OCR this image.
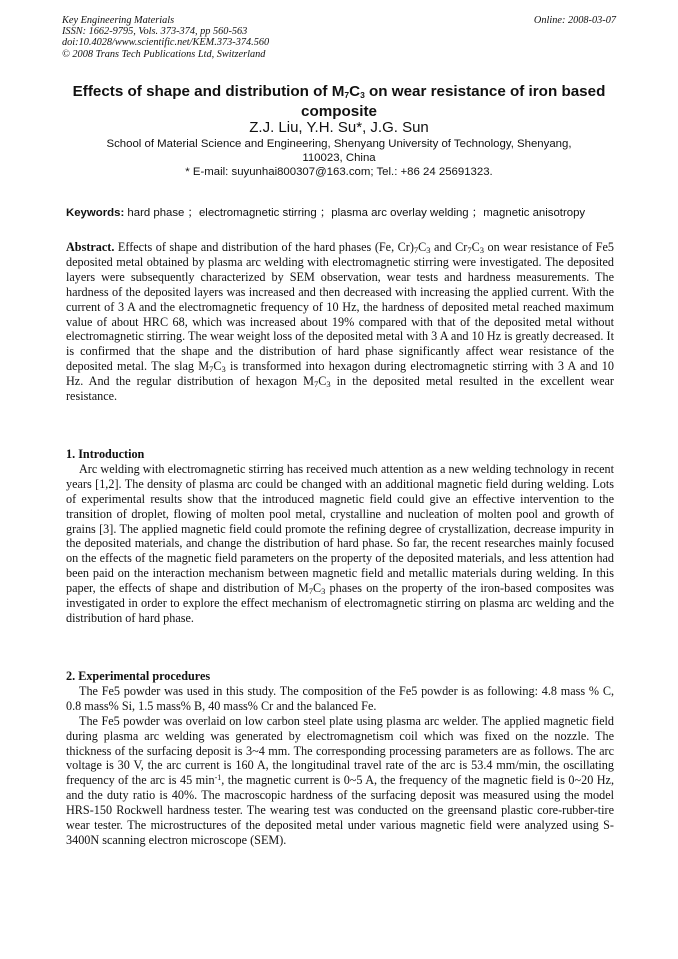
Key Engineering Materials
ISSN: 1662-9795, Vols. 373-374, pp 560-563
doi:10.4028/www.scientific.net/KEM.373-374.560
© 2008 Trans Tech Publications Ltd, Switzerland
Online: 2008-03-07
Effects of shape and distribution of $M_7C_3$ on wear resistance of iron based composite
Z.J. Liu, Y.H. Su*, J.G. Sun
School of Material Science and Engineering, Shenyang University of Technology, Shenyang,
110023, China
* E-mail: suyunhai800307@163.com; Tel.: +86 24 25691323.
Keywords: hard phase ；electromagnetic stirring ；plasma arc overlay welding ；magnetic anisotropy

Abstract. Effects of shape and distribution of the hard phases (Fe, $Cr)_7C_3$ and $Cr_7C_3$ on wear resistance of Fe5 deposited metal obtained by plasma arc welding with electromagnetic stirring were investigated. The deposited layers were subsequently characterized by SEM observation, wear tests and hardness measurements. The hardness of the deposited layers was increased and then decreased with increasing the applied current. With the current of 3 A and the electromagnetic frequency of 10 Hz, the hardness of deposited metal reached maximum value of about HRC 68, which was increased about 19% compared with that of the deposited metal without electromagnetic stirring. The wear weight loss of the deposited metal with 3 A and 10 Hz is greatly decreased. It is confirmed that the shape and the distribution of hard phase significantly affect wear resistance of the deposited metal. The slag $M_7C_3$ is transformed into hexagon during electromagnetic stirring with 3 A and 10 Hz. And the regular distribution of hexagon $M_7C_3$ in the deposited metal resulted in the excellent wear resistance.

1. Introduction

Arc welding with electromagnetic stirring has received much attention as a new welding technology in recent years [1,2]. The density of plasma arc could be changed with an additional magnetic field during welding. Lots of experimental results show that the introduced magnetic field could give an effective intervention to the transition of droplet, flowing of molten pool metal, crystalline and nucleation of molten pool and growth of grains [3]. The applied magnetic field could promote the refining degree of crystallization, decrease impurity in the deposited materials, and change the distribution of hard phase. So far, the recent researches mainly focused on the effects of the magnetic field parameters on the property of the deposited materials, and less attention had been paid on the interaction mechanism between magnetic field and metallic materials during welding. In this paper, the effects of shape and distribution of $M_7C_3$ phases on the property of the iron-based composites was investigated in order to explore the effect mechanism of electromagnetic stirring on plasma arc welding and the distribution of hard phase.

2. Experimental procedures

The Fe5 powder was used in this study. The composition of the Fe5 powder is as following: 4.8 mass % C, 0.8 mass% Si, 1.5 mass% B, 40 mass% Cr and the balanced Fe.

The Fe5 powder was overlaid on low carbon steel plate using plasma arc welder. The applied magnetic field during plasma arc welding was generated by electromagnetism coil which was fixed on the nozzle. The thickness of the surfacing deposit is 3~4 mm. The corresponding processing parameters are as follows. The arc voltage is 30 V, the arc current is 160 A, the longitudinal travel rate of the arc is 53.4 mm/min, the oscillating frequency of the arc is 45 $\min^{-1}$, the magnetic current is 0~5 A, the frequency of the magnetic field is 0~20 Hz, and the duty ratio is 40%. The macroscopic hardness of the surfacing deposit was measured using the model HRS-150 Rockwell hardness tester. The wearing test was conducted on the greensand plastic core-rubber-tire wear tester. The microstructures of the deposited metal under various magnetic field were analyzed using S-3400N scanning electron microscope (SEM).
